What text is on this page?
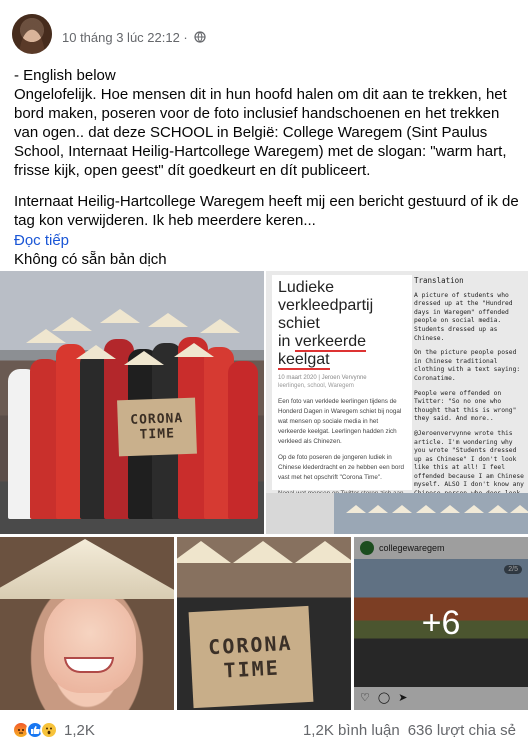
10 tháng 3 lúc 22:12 ·

- English below

Ongelofelijk. Hoe mensen dit in hun hoofd halen om dit aan te trekken, het bord maken, poseren voor de foto inclusief handschoenen en het trekken van ogen.. dat deze SCHOOL in België: College Waregem (Sint Paulus School, Internaat Heilig-Hartcollege Waregem) met de slogan: "warm hart, frisse kijk, open geest" dít goedkeurt en dít publiceert.

Internaat Heilig-Hartcollege Waregem heeft mij een bericht gestuurd of ik de tag kon verwijderen. Ik heb meerdere keren...

Đọc tiếp

Không có sẵn bản dịch

CORONA
TIME
Ludieke
verkleedpartij schiet
in verkeerde keelgat
10 maart 2020 | Jeroen Vervynne
leerlingen, school, Waregem

Een foto van verklede leerlingen tijdens de Honderd Dagen in Waregem schiet bij nogal wat mensen op sociale media in het verkeerde keelgat. Leerlingen hadden zich verkleed als Chinezen.

Op de foto poseren de jongeren ludiek in Chinese klederdracht en ze hebben een bord vast met het opschrift "Corona Time".

Translation

A picture of students who dressed up at the "Hundred days in Waregem" offended people on social media. Students dressed up as Chinese.

On the picture people posed in Chinese traditional clothing with a text saying: Coronatime.

People were offended on Twitter: "So no one who thought that this is wrong" they said. And more..

@Jeroenvervynne wrote this article. I'm wondering why you wrote "Students dressed up as Chinese" I don't look like this at all! I feel offended because I am Chinese myself. ALSO I don't know any

CORONA
TIME
collegewaregem
2/5
♡ ◯ ➤
+6
1,2K	1,2K bình luận 636 lượt chia sẻ
